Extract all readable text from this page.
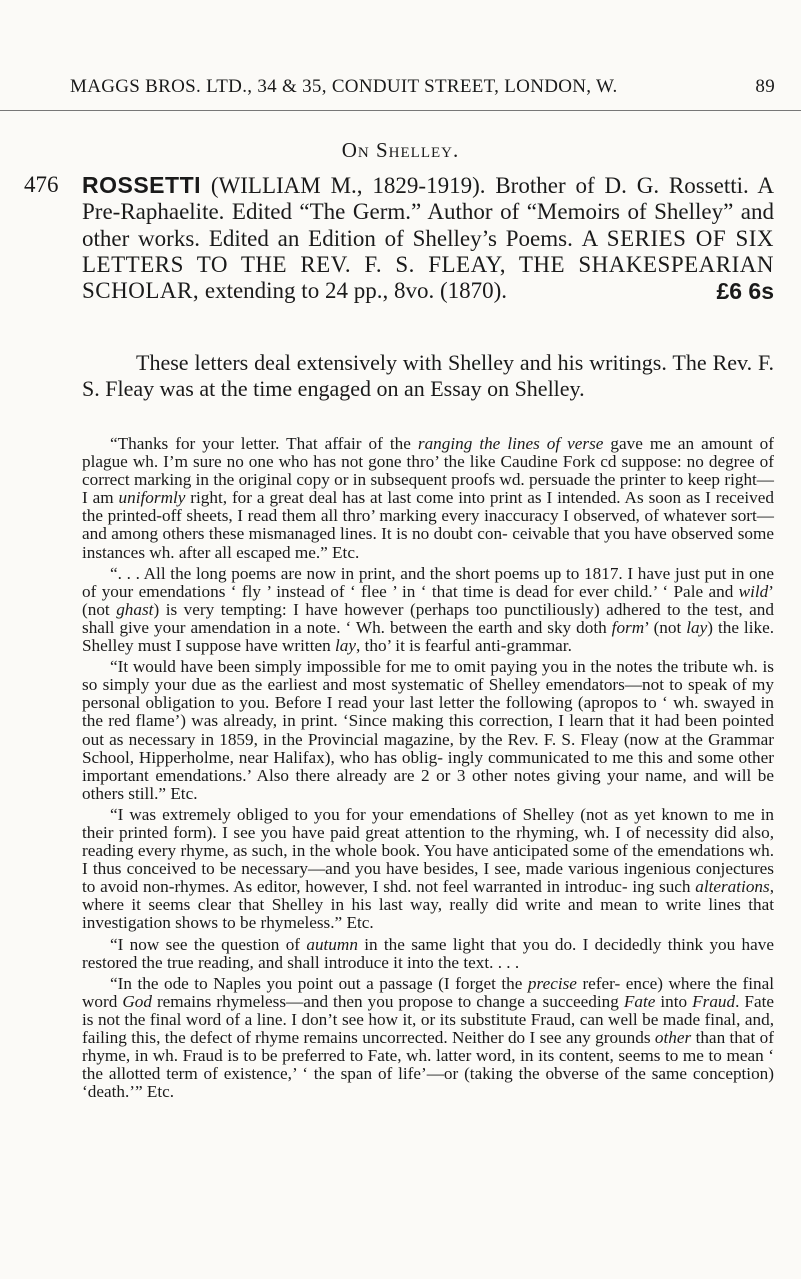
MAGGS BROS. LTD., 34 & 35, CONDUIT STREET, LONDON, W.	89
On Shelley.
476 ROSSETTI (WILLIAM M., 1829-1919). Brother of D. G. Rossetti. A Pre-Raphaelite. Edited “The Germ.” Author of “Memoirs of Shelley” and other works. Edited an Edition of Shelley’s Poems. A SERIES OF SIX LETTERS TO THE REV. F. S. FLEAY, THE SHAKESPEARIAN SCHOLAR, extending to 24 pp., 8vo. (1870).	£6 6s
These letters deal extensively with Shelley and his writings. The Rev. F. S. Fleay was at the time engaged on an Essay on Shelley.

“Thanks for your letter. That affair of the ranging the lines of verse gave me an amount of plague wh. I’m sure no one who has not gone thro’ the like Caudine Fork cd suppose: no degree of correct marking in the original copy or in subsequent proofs wd. persuade the printer to keep right—I am uniformly right, for a great deal has at last come into print as I intended. As soon as I received the printed-off sheets, I read them all thro’ marking every inaccuracy I observed, of whatever sort—and among others these mismanaged lines. It is no doubt con- ceivable that you have observed some instances wh. after all escaped me.” Etc.

“. . . All the long poems are now in print, and the short poems up to 1817. I have just put in one of your emendations ‘ fly ’ instead of ‘ flee ’ in ‘ that time is dead for ever child.’ ‘ Pale and wild’ (not ghast) is very tempting: I have however (perhaps too punctiliously) adhered to the test, and shall give your amendation in a note. ‘ Wh. between the earth and sky doth form’ (not lay) the like. Shelley must I suppose have written lay, tho’ it is fearful anti-grammar.

“It would have been simply impossible for me to omit paying you in the notes the tribute wh. is so simply your due as the earliest and most systematic of Shelley emendators—not to speak of my personal obligation to you. Before I read your last letter the following (apropos to ‘ wh. swayed in the red flame’) was already, in print. ‘Since making this correction, I learn that it had been pointed out as necessary in 1859, in the Provincial magazine, by the Rev. F. S. Fleay (now at the Grammar School, Hipperholme, near Halifax), who has oblig- ingly communicated to me this and some other important emendations.’ Also there already are 2 or 3 other notes giving your name, and will be others still.” Etc.

“I was extremely obliged to you for your emendations of Shelley (not as yet known to me in their printed form). I see you have paid great attention to the rhyming, wh. I of necessity did also, reading every rhyme, as such, in the whole book. You have anticipated some of the emendations wh. I thus conceived to be necessary—and you have besides, I see, made various ingenious conjectures to avoid non-rhymes. As editor, however, I shd. not feel warranted in introduc- ing such alterations, where it seems clear that Shelley in his last way, really did write and mean to write lines that investigation shows to be rhymeless.” Etc.

“I now see the question of autumn in the same light that you do. I decidedly think you have restored the true reading, and shall introduce it into the text. . . .

“In the ode to Naples you point out a passage (I forget the precise refer- ence) where the final word God remains rhymeless—and then you propose to change a succeeding Fate into Fraud. Fate is not the final word of a line. I don’t see how it, or its substitute Fraud, can well be made final, and, failing this, the defect of rhyme remains uncorrected. Neither do I see any grounds other than that of rhyme, in wh. Fraud is to be preferred to Fate, wh. latter word, in its content, seems to me to mean ‘ the allotted term of existence,’ ‘ the span of life’—or (taking the obverse of the same conception) ‘death.’” Etc.
